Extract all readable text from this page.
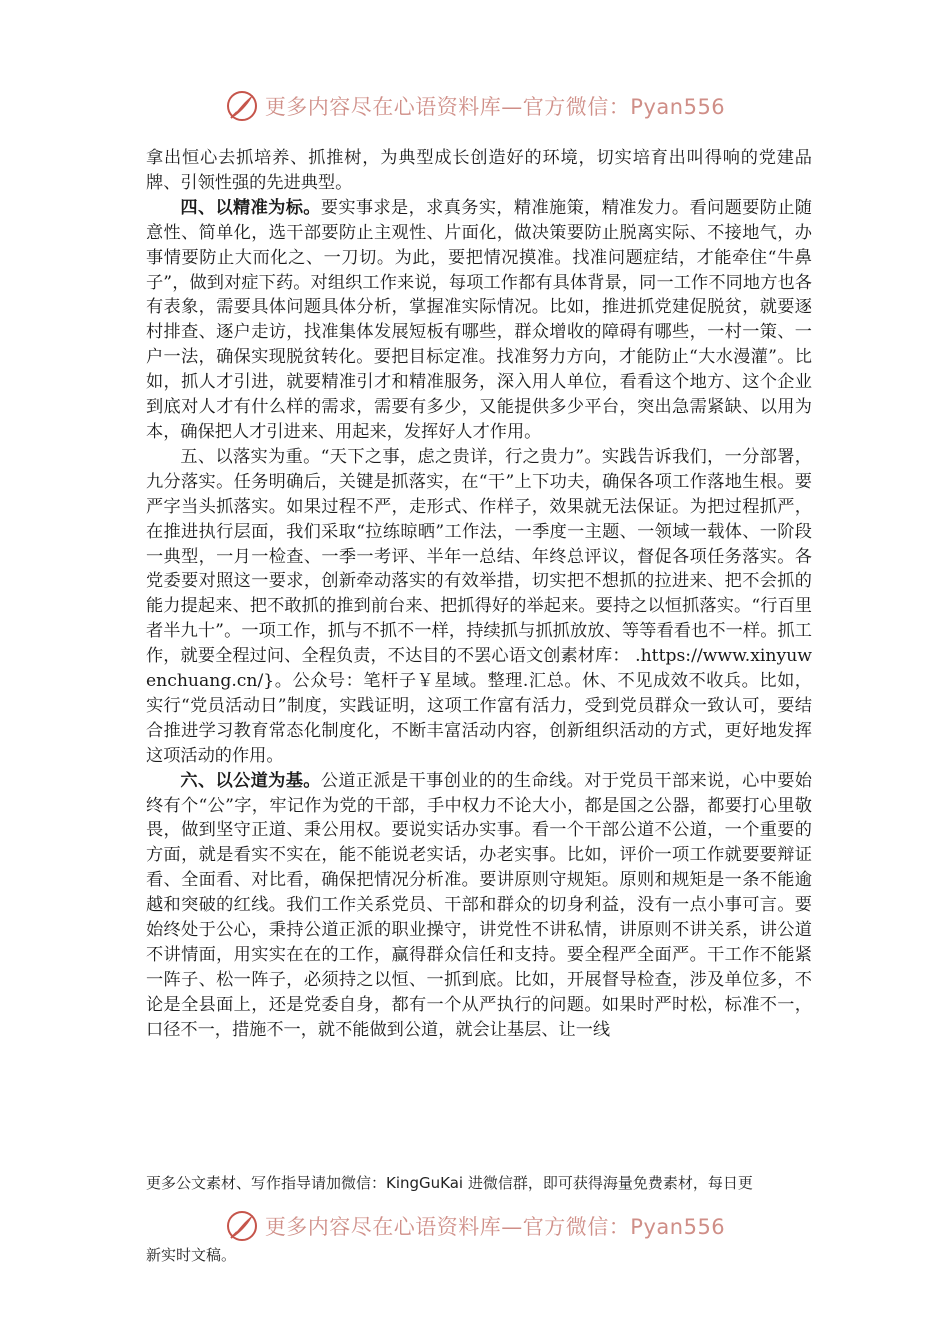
更多内容尽在心语资料库—官方微信：Pyan556

拿出恒心去抓培养、抓推树，为典型成长创造好的环境，切实培育出叫得响的党建品牌、引领性强的先进典型。

四、以精准为标。要实事求是，求真务实，精准施策，精准发力。看问题要防止随意性、简单化，选干部要防止主观性、片面化，做决策要防止脱离实际、不接地气，办事情要防止大而化之、一刀切。为此，要把情况摸准。找准问题症结，才能牵住“牛鼻子”，做到对症下药。对组织工作来说，每项工作都有具体背景，同一工作不同地方也各有表象，需要具体问题具体分析，掌握准实际情况。比如，推进抓党建促脱贫，就要逐村排查、逐户走访，找准集体发展短板有哪些，群众增收的障碍有哪些，一村一策、一户一法，确保实现脱贫转化。要把目标定准。找准努力方向，才能防止“大水漫灌”。比如，抓人才引进，就要精准引才和精准服务，深入用人单位，看看这个地方、这个企业到底对人才有什么样的需求，需要有多少，又能提供多少平台，突出急需紧缺、以用为本，确保把人才引进来、用起来，发挥好人才作用。

五、以落实为重。“天下之事，虑之贵详，行之贵力”。实践告诉我们，一分部署，九分落实。任务明确后，关键是抓落实，在“干”上下功夫，确保各项工作落地生根。要严字当头抓落实。如果过程不严，走形式、作样子，效果就无法保证。为把过程抓严，在推进执行层面，我们采取“拉练晾晒”工作法，一季度一主题、一领域一载体、一阶段一典型，一月一检查、一季一考评、半年一总结、年终总评议，督促各项任务落实。各党委要对照这一要求，创新牵动落实的有效举措，切实把不想抓的拉进来、把不会抓的能力提起来、把不敢抓的推到前台来、把抓得好的举起来。要持之以恒抓落实。“行百里者半九十”。一项工作，抓与不抓不一样，持续抓与抓抓放放、等等看看也不一样。抓工作，就要全程过问、全程负责，不达目的不罢心语文创素材库： .https://www.xinyuwenchuang.cn/}。公众号：笔杆子￥星域。整理.汇总。休、不见成效不收兵。比如，实行“党员活动日”制度，实践证明，这项工作富有活力，受到党员群众一致认可，要结合推进学习教育常态化制度化，不断丰富活动内容，创新组织活动的方式，更好地发挥这项活动的作用。

六、以公道为基。公道正派是干事创业的的生命线。对于党员干部来说，心中要始终有个“公”字，牢记作为党的干部，手中权力不论大小，都是国之公器，都要打心里敬畏，做到坚守正道、秉公用权。要说实话办实事。看一个干部公道不公道，一个重要的方面，就是看实不实在，能不能说老实话，办老实事。比如，评价一项工作就要要辩证看、全面看、对比看，确保把情况分析准。要讲原则守规矩。原则和规矩是一条不能逾越和突破的红线。我们工作关系党员、干部和群众的切身利益，没有一点小事可言。要始终处于公心，秉持公道正派的职业操守，讲党性不讲私情，讲原则不讲关系，讲公道不讲情面，用实实在在的工作，赢得群众信任和支持。要全程严全面严。干工作不能紧一阵子、松一阵子，必须持之以恒、一抓到底。比如，开展督导检查，涉及单位多，不论是全县面上，还是党委自身，都有一个从严执行的问题。如果时严时松，标准不一，口径不一，措施不一，就不能做到公道，就会让基层、让一线

更多公文素材、写作指导请加微信：KingGuKai 进微信群，即可获得海量免费素材，每日更
更多内容尽在心语资料库—官方微信：Pyan556
新实时文稿。
